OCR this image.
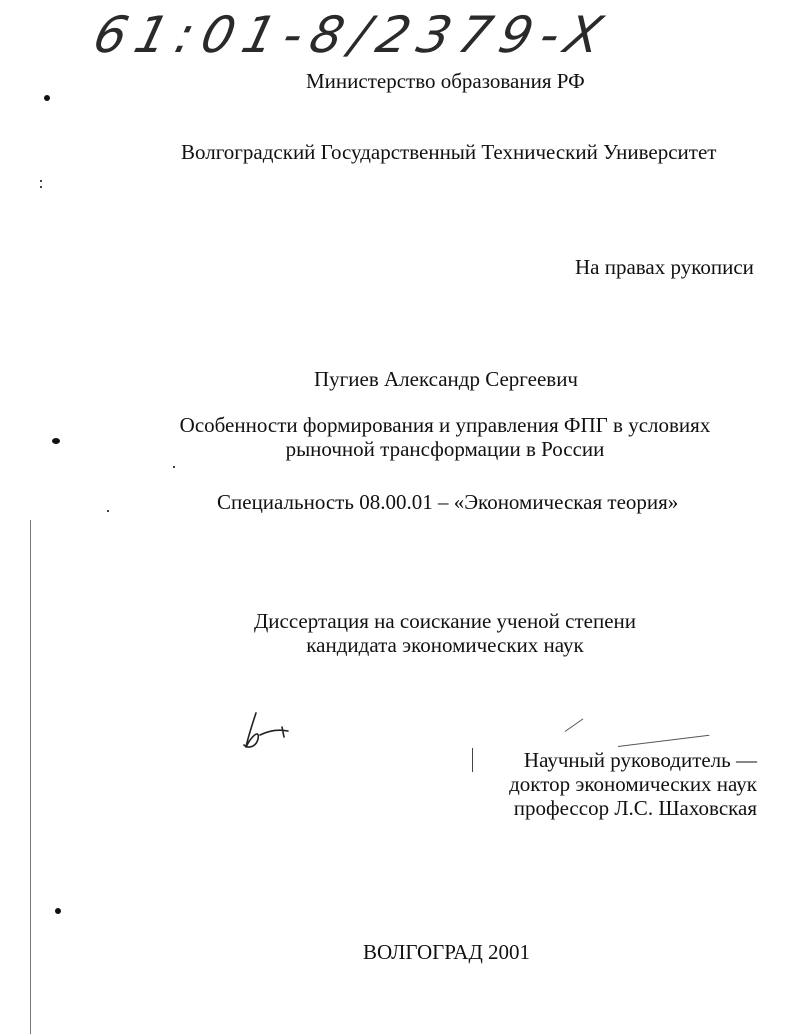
61:01-8/2379-X
Министерство образования РФ
Волгоградский Государственный Технический Университет
На правах рукописи
Пугиев Александр Сергеевич
Особенности формирования и управления ФПГ в условиях
рыночной трансформации в России
Специальность 08.00.01 – «Экономическая теория»
Диссертация на соискание ученой степени
кандидата экономических наук
Научный руководитель —
доктор экономических наук
профессор Л.С. Шаховская
ВОЛГОГРАД 2001
